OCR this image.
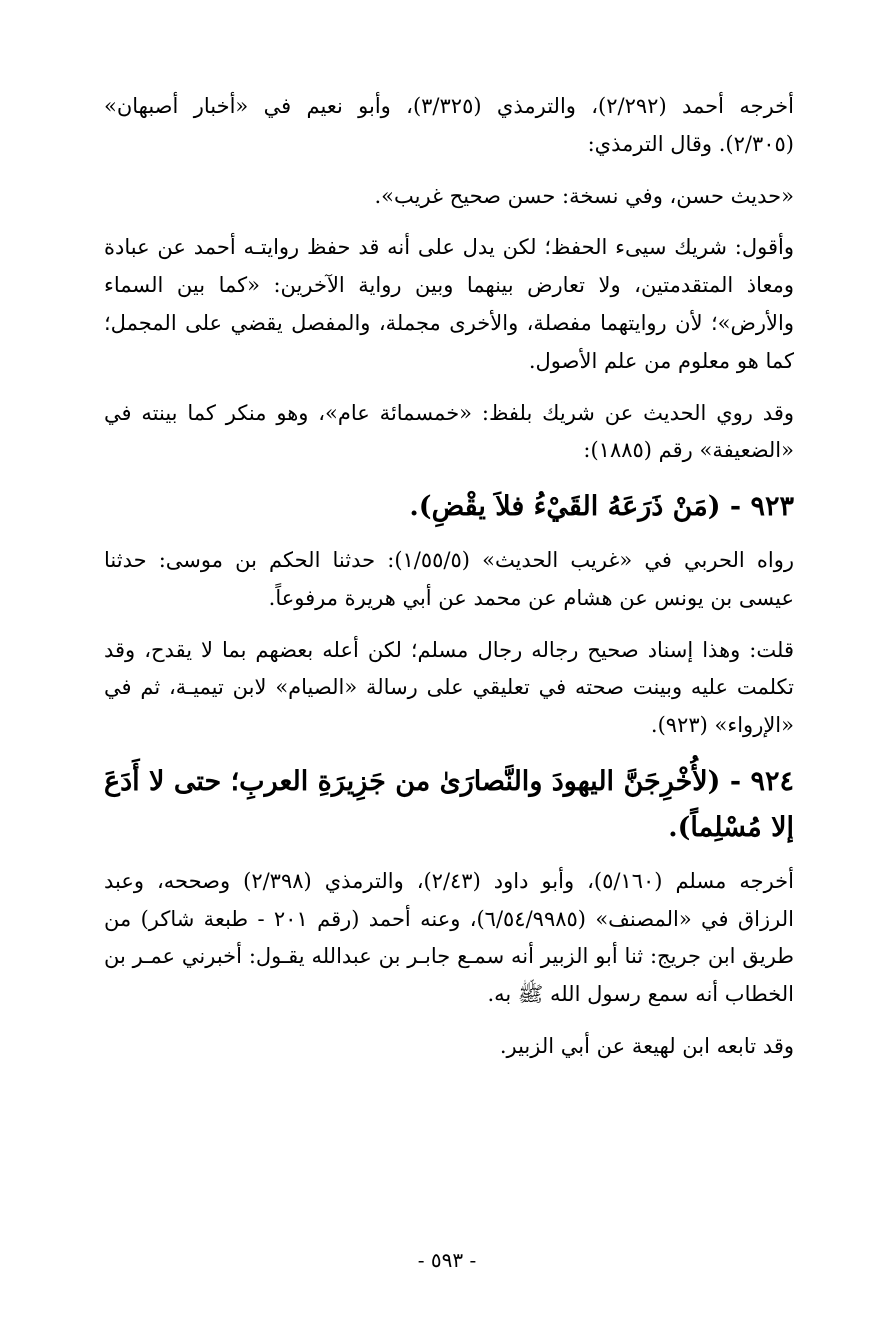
أخرجه أحمد (٢/٢٩٢)، والترمذي (٣/٣٢٥)، وأبو نعيم في «أخبار أصبهان» (٢/٣٠٥). وقال الترمذي:

«حديث حسن، وفي نسخة: حسن صحيح غريب».

وأقول: شريك سيىء الحفظ؛ لكن يدل على أنه قد حفظ روايتـه أحمد عن عبادة ومعاذ المتقدمتين، ولا تعارض بينهما وبين رواية الآخرين: «كما بين السماء والأرض»؛ لأن روايتهما مفصلة، والأخرى مجملة، والمفصل يقضي على المجمل؛ كما هو معلوم من علم الأصول.

وقد روي الحديث عن شريك بلفظ: «خمسمائة عام»، وهو منكر كما بينته في «الضعيفة» رقم (١٨٨٥):

٩٢٣ - (مَنْ ذَرَعَهُ القَيْءُ فلاَ يقْضِ).

رواه الحربي في «غريب الحديث» (١/٥٥/٥): حدثنا الحكم بن موسى: حدثنا عيسى بن يونس عن هشام عن محمد عن أبي هريرة مرفوعاً.

قلت: وهذا إسناد صحيح رجاله رجال مسلم؛ لكن أعله بعضهم بما لا يقدح، وقد تكلمت عليه وبينت صحته في تعليقي على رسالة «الصيام» لابن تيميـة، ثم في «الإرواء» (٩٢٣).

٩٢٤ - (لأُخْرِجَنَّ اليهودَ والنَّصارَىٰ من جَزِيرَةِ العربِ؛ حتى لا أَدَعَ إلا مُسْلِماً).

أخرجه مسلم (٥/١٦٠)، وأبو داود (٢/٤٣)، والترمذي (٢/٣٩٨) وصححه، وعبد الرزاق في «المصنف» (٦/٥٤/٩٩٨٥)، وعنه أحمد (رقم ٢٠١ - طبعة شاكر) من طريق ابن جريج: ثنا أبو الزبير أنه سمـع جابـر بن عبدالله يقـول: أخبرني عمـر بن الخطاب أنه سمع رسول الله ﷺ به.

وقد تابعه ابن لهيعة عن أبي الزبير.

- ٥٩٣ -
